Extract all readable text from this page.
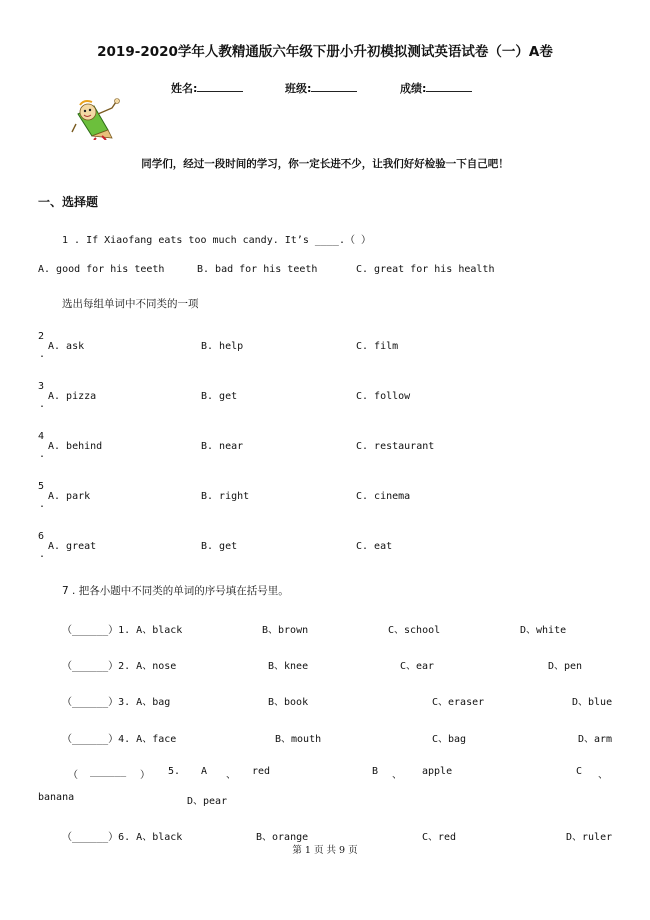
2019-2020学年人教精通版六年级下册小升初模拟测试英语试卷（一）A卷
姓名:	班级:	成绩:
同学们，经过一段时间的学习，你一定长进不少，让我们好好检验一下自己吧！
一、选择题
1 . If Xiaofang eats too much candy. It’s ____.（ ）
A. good for his teeth	B. bad for his teeth	C. great for his health
选出每组单词中不同类的一项
2
.
A. ask	B. help	C. film
3
.
A. pizza	B. get	C. follow
4
.
A. behind	B. near	C. restaurant
5
.
A. park	B. right	C. cinema
6
.
A. great	B. get	C. eat
7 . 把各小题中不同类的单词的序号填在括号里。
（______）1. A、black	B、brown	C、school	D、white
（______）2. A、nose	B、knee	C、ear	D、pen
（______）3. A、bag	B、book	C、eraser	D、blue
（______）4. A、face	B、mouth	C、bag	D、arm
（ ______ ） 5. A 、 red	B 、 apple	C 、
banana	D、pear
（______）6. A、black	B、orange	C、red	D、ruler
第 1 页 共 9 页
